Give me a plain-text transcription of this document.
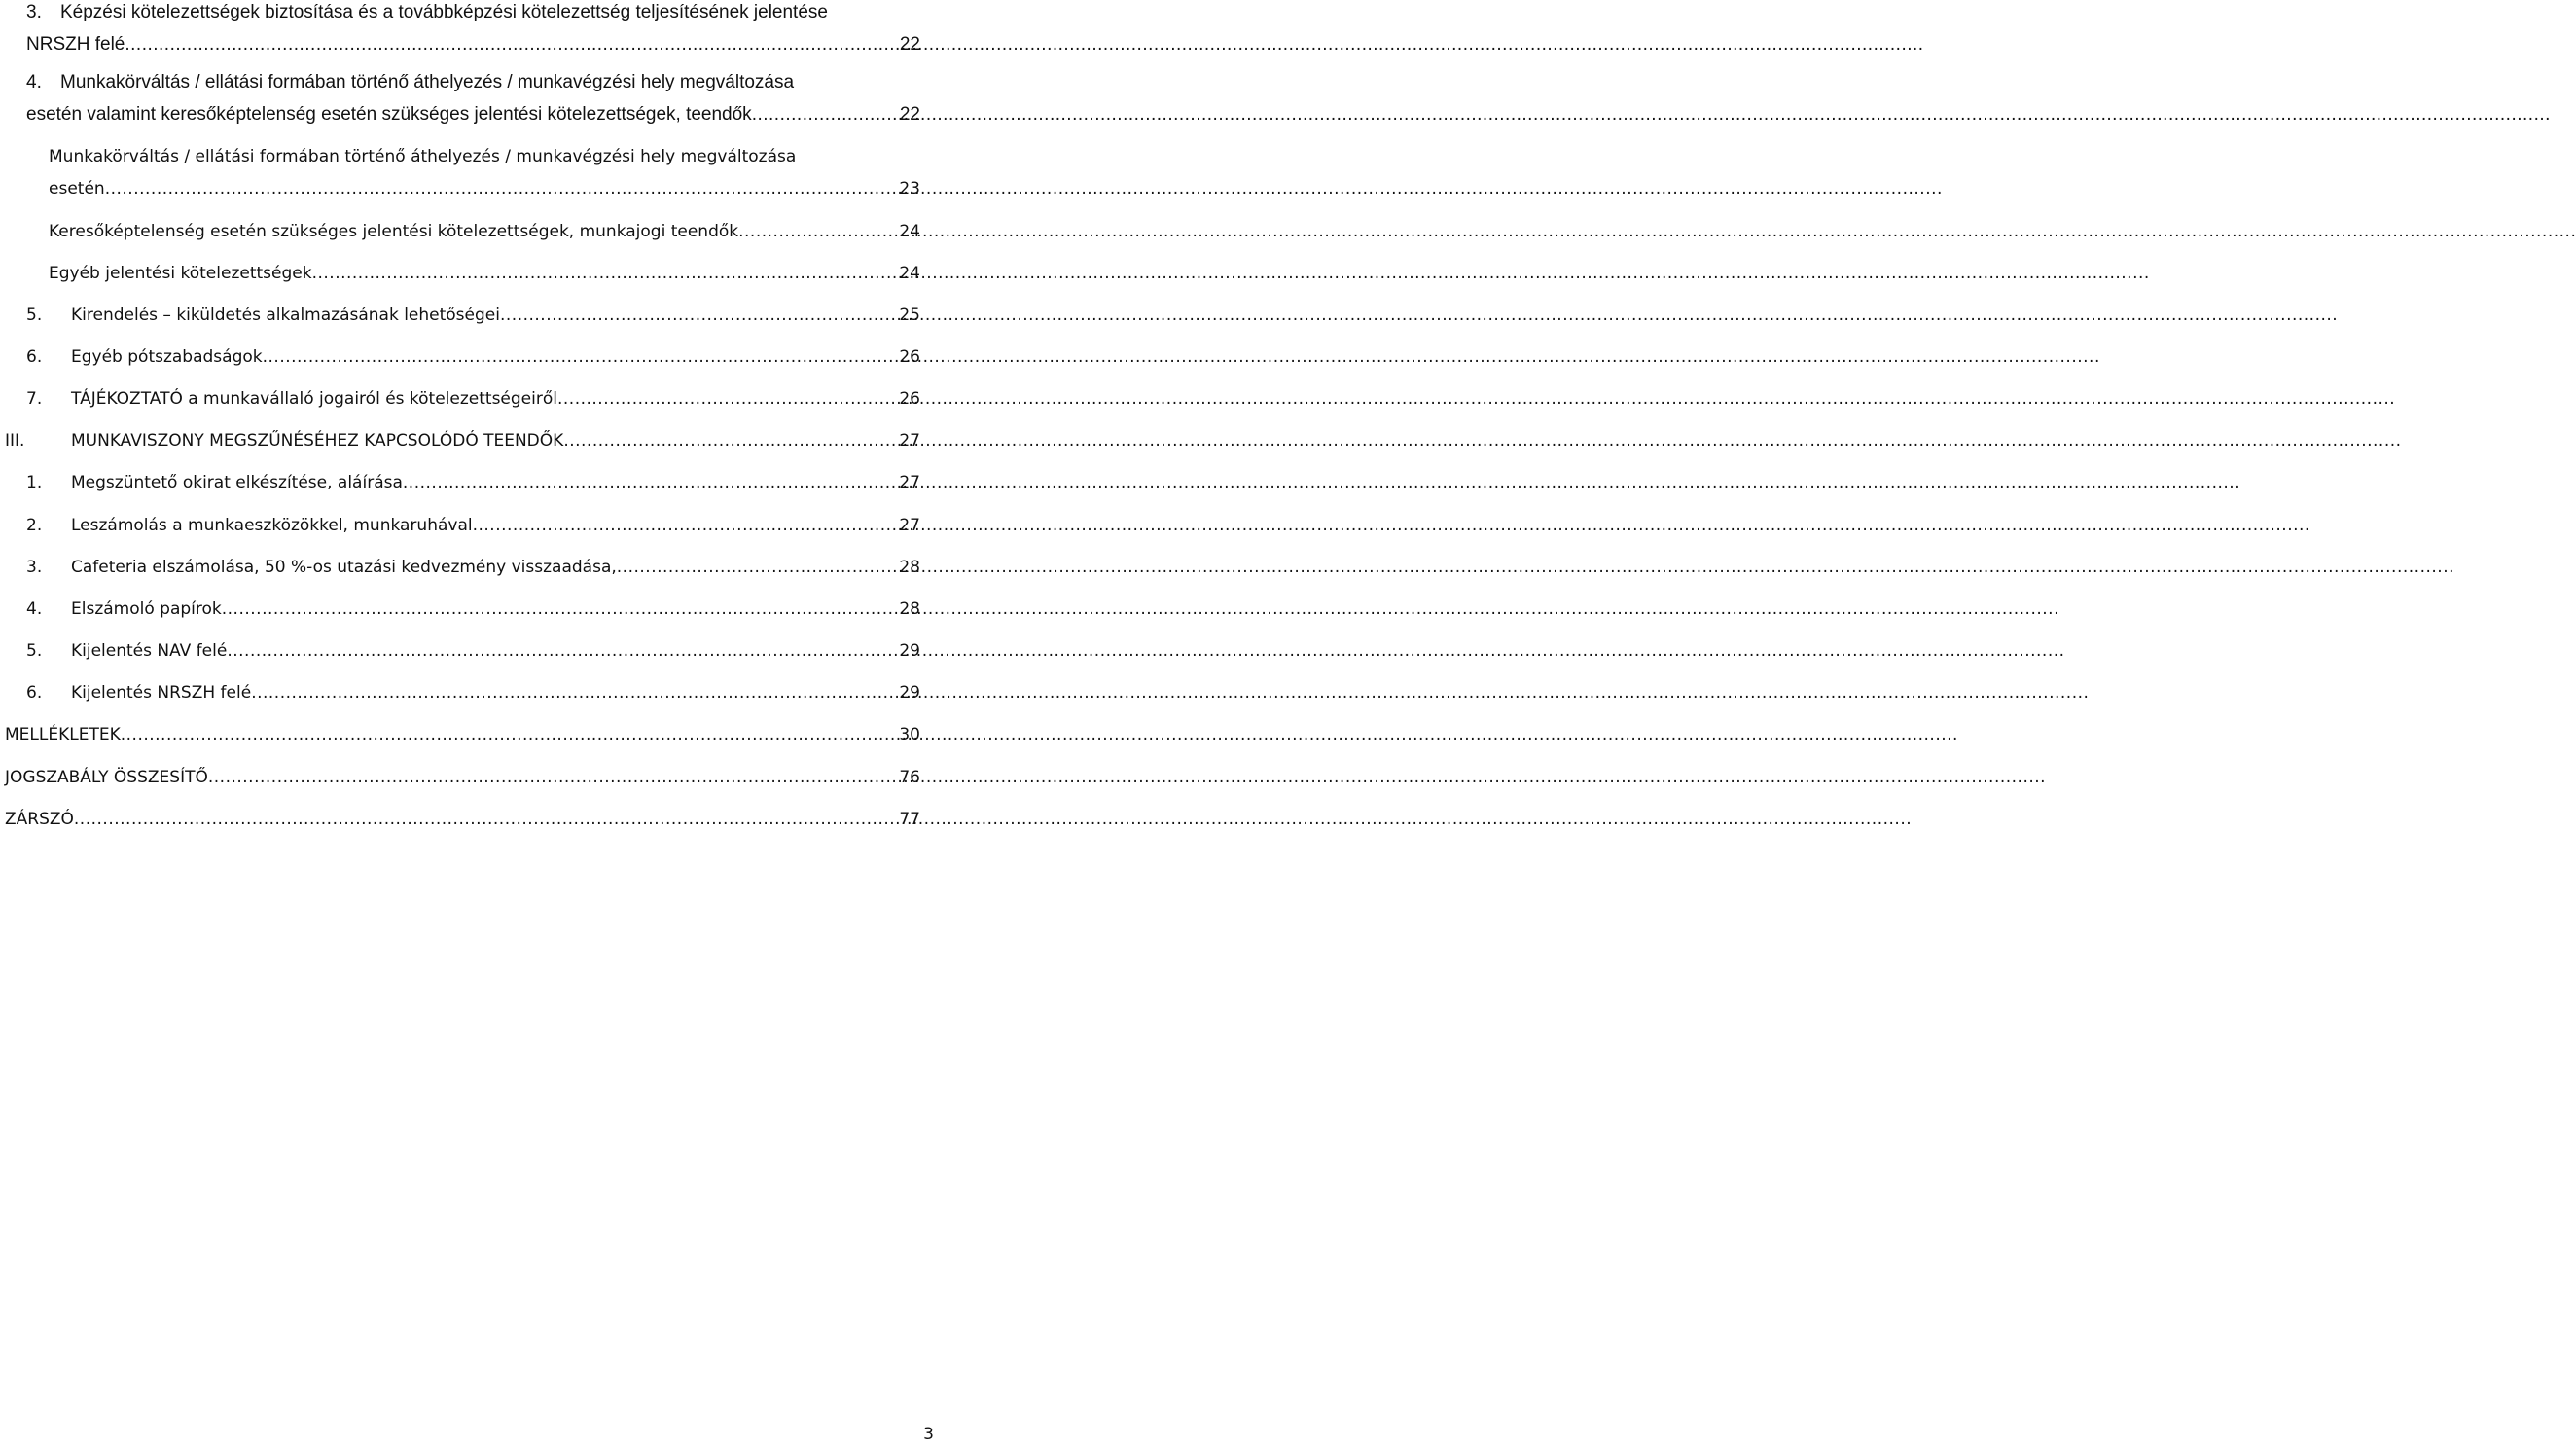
3. Képzési kötelezettségek biztosítása és a továbbképzési kötelezettség teljesítésének jelentése
NRSZH felé .....	22
4. Munkakörváltás / ellátási formában történő áthelyezés / munkavégzési hely megváltozása
esetén valamint keresőképtelenség esetén szükséges jelentési kötelezettségek, teendők .....	22
Munkakörváltás / ellátási formában történő áthelyezés / munkavégzési hely megváltozása
esetén .....	23
Keresőképtelenség esetén szükséges jelentési kötelezettségek, munkajogi teendők .....	24
Egyéb jelentési kötelezettségek .....	24
5. Kirendelés – kiküldetés alkalmazásának lehetőségei .....	25
6. Egyéb pótszabadságok .....	26
7. TÁJÉKOZTATÓ a munkavállaló jogairól és kötelezettségeiről .....	26
III.	MUNKAVISZONY MEGSZŰNÉSÉHEZ KAPCSOLÓDÓ TEENDŐK .....	27
1. Megszüntető okirat elkészítése, aláírása .....	27
2. Leszámolás a munkaeszközökkel, munkaruhával .....	27
3. Cafeteria elszámolása, 50 %-os utazási kedvezmény visszaadása, .....	28
4. Elszámoló papírok .....	28
5. Kijelentés NAV felé .....	29
6. Kijelentés NRSZH felé .....	29
MELLÉKLETEK .....	30
JOGSZABÁLY ÖSSZESÍTŐ .....	76
ZÁRSZÓ .....	77
3
